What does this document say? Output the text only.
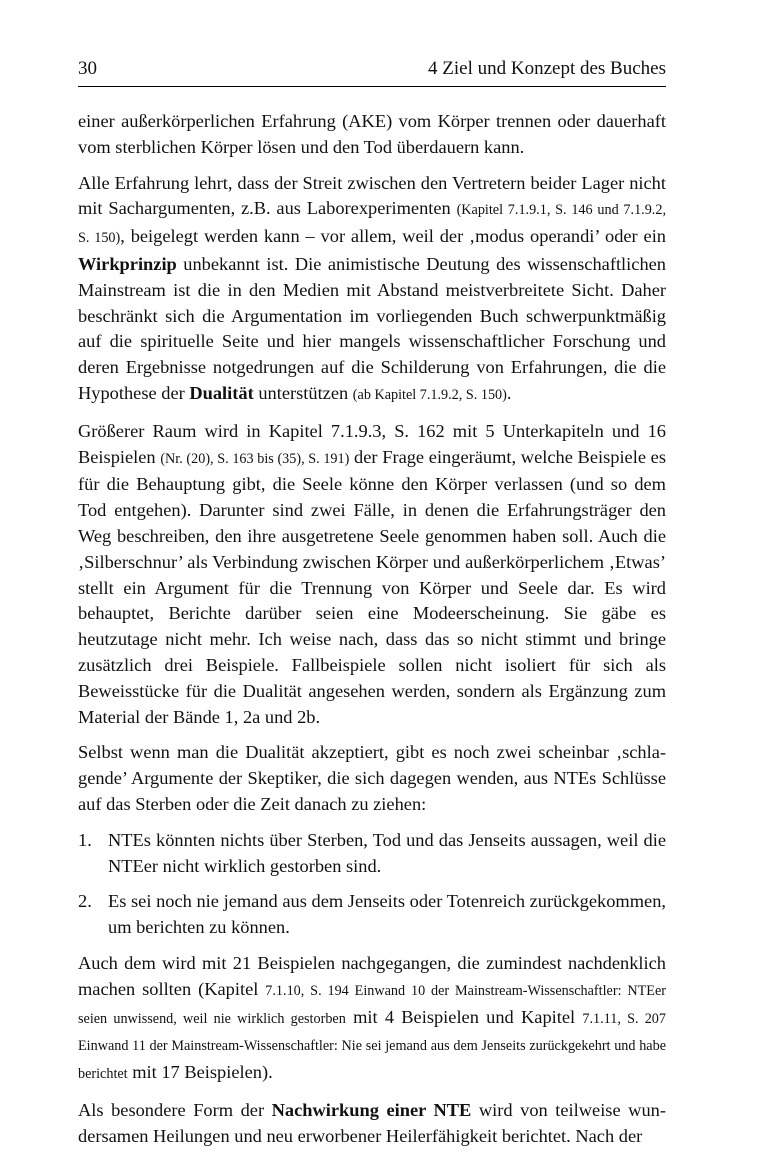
30	4 Ziel und Konzept des Buches

einer außerkörperlichen Erfahrung (AKE) vom Körper trennen oder dauerhaft vom sterblichen Körper lösen und den Tod überdauern kann.

Alle Erfahrung lehrt, dass der Streit zwischen den Vertretern beider Lager nicht mit Sachargumenten, z.B. aus Laborexperimenten (Kapitel 7.1.9.1, S. 146 und 7.1.9.2, S. 150), beigelegt werden kann – vor allem, weil der ‚modus operandi’ oder ein Wirkprinzip unbekannt ist. Die animistische Deutung des wissenschaftlichen Mainstream ist die in den Medien mit Abstand meistverbreitete Sicht. Daher beschränkt sich die Argumentation im vorliegenden Buch schwerpunktmäßig auf die spirituelle Seite und hier mangels wissenschaftlicher Forschung und deren Ergebnisse notgedrungen auf die Schilderung von Erfahrungen, die die Hypothese der Dualität unterstützen (ab Kapitel 7.1.9.2, S. 150).

Größerer Raum wird in Kapitel 7.1.9.3, S. 162 mit 5 Unterkapiteln und 16 Beispielen (Nr. (20), S. 163 bis (35), S. 191) der Frage eingeräumt, welche Beispiele es für die Behauptung gibt, die Seele könne den Körper verlassen (und so dem Tod entgehen). Darunter sind zwei Fälle, in denen die Erfahrungsträger den Weg beschreiben, den ihre ausgetretene Seele genommen haben soll. Auch die ‚Silberschnur’ als Verbindung zwischen Körper und außerkörperlichem ‚Etwas’ stellt ein Argument für die Trennung von Körper und Seele dar. Es wird behauptet, Berichte darüber seien eine Modeerscheinung. Sie gäbe es heutzutage nicht mehr. Ich weise nach, dass das so nicht stimmt und bringe zusätzlich drei Beispiele. Fallbeispiele sollen nicht isoliert für sich als Beweisstücke für die Dualität angesehen werden, sondern als Ergänzung zum Material der Bände 1, 2a und 2b.

Selbst wenn man die Dualität akzeptiert, gibt es noch zwei scheinbar ‚schlagende’ Argumente der Skeptiker, die sich dagegen wenden, aus NTEs Schlüsse auf das Sterben oder die Zeit danach zu ziehen:

1. NTEs könnten nichts über Sterben, Tod und das Jenseits aussagen, weil die NTEer nicht wirklich gestorben sind.
2. Es sei noch nie jemand aus dem Jenseits oder Totenreich zurückgekommen, um berichten zu können.

Auch dem wird mit 21 Beispielen nachgegangen, die zumindest nachdenklich machen sollten (Kapitel 7.1.10, S. 194 Einwand 10 der Mainstream-Wissenschaftler: NTEer seien unwissend, weil nie wirklich gestorben mit 4 Beispielen und Kapitel 7.1.11, S. 207 Einwand 11 der Mainstream-Wissenschaftler: Nie sei jemand aus dem Jenseits zurückgekehrt und habe berichtet mit 17 Beispielen).

Als besondere Form der Nachwirkung einer NTE wird von teilweise wundersamen Heilungen und neu erworbener Heilerfähigkeit berichtet. Nach der
